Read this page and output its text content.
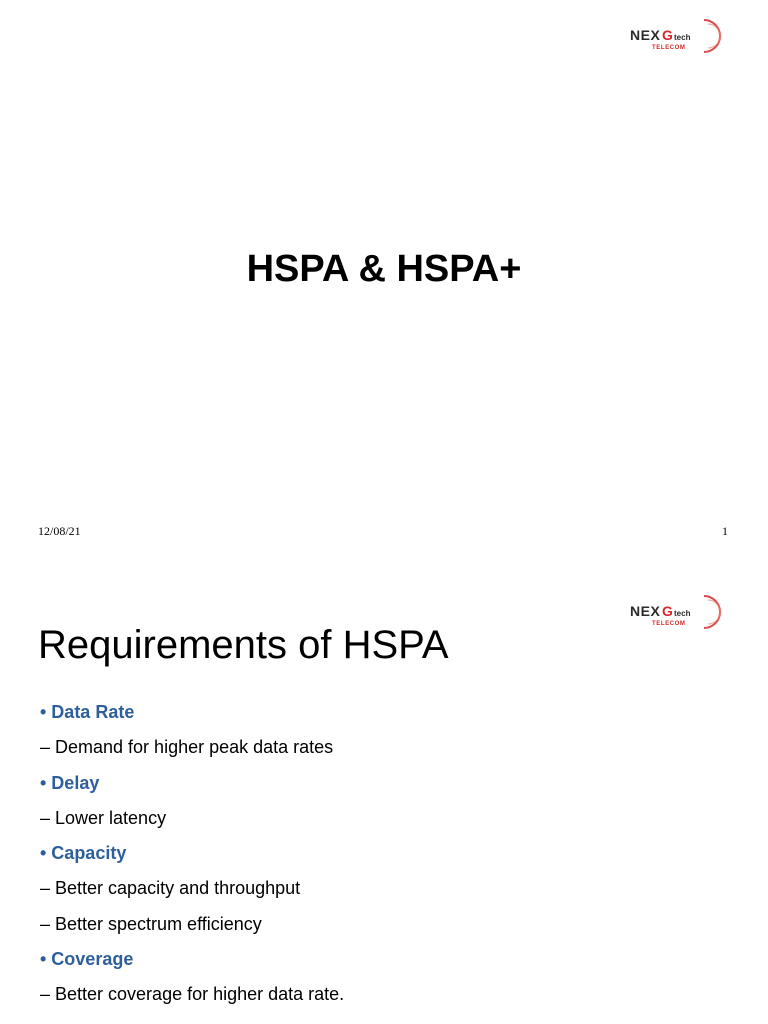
NEX G tech
TELECOM
HSPA & HSPA+
12/08/21	1
NEX G tech
TELECOM
Requirements of HSPA
• Data Rate
– Demand for higher peak data rates
• Delay
– Lower latency
• Capacity
– Better capacity and throughput
– Better spectrum efficiency
• Coverage
– Better coverage for higher data rate.
